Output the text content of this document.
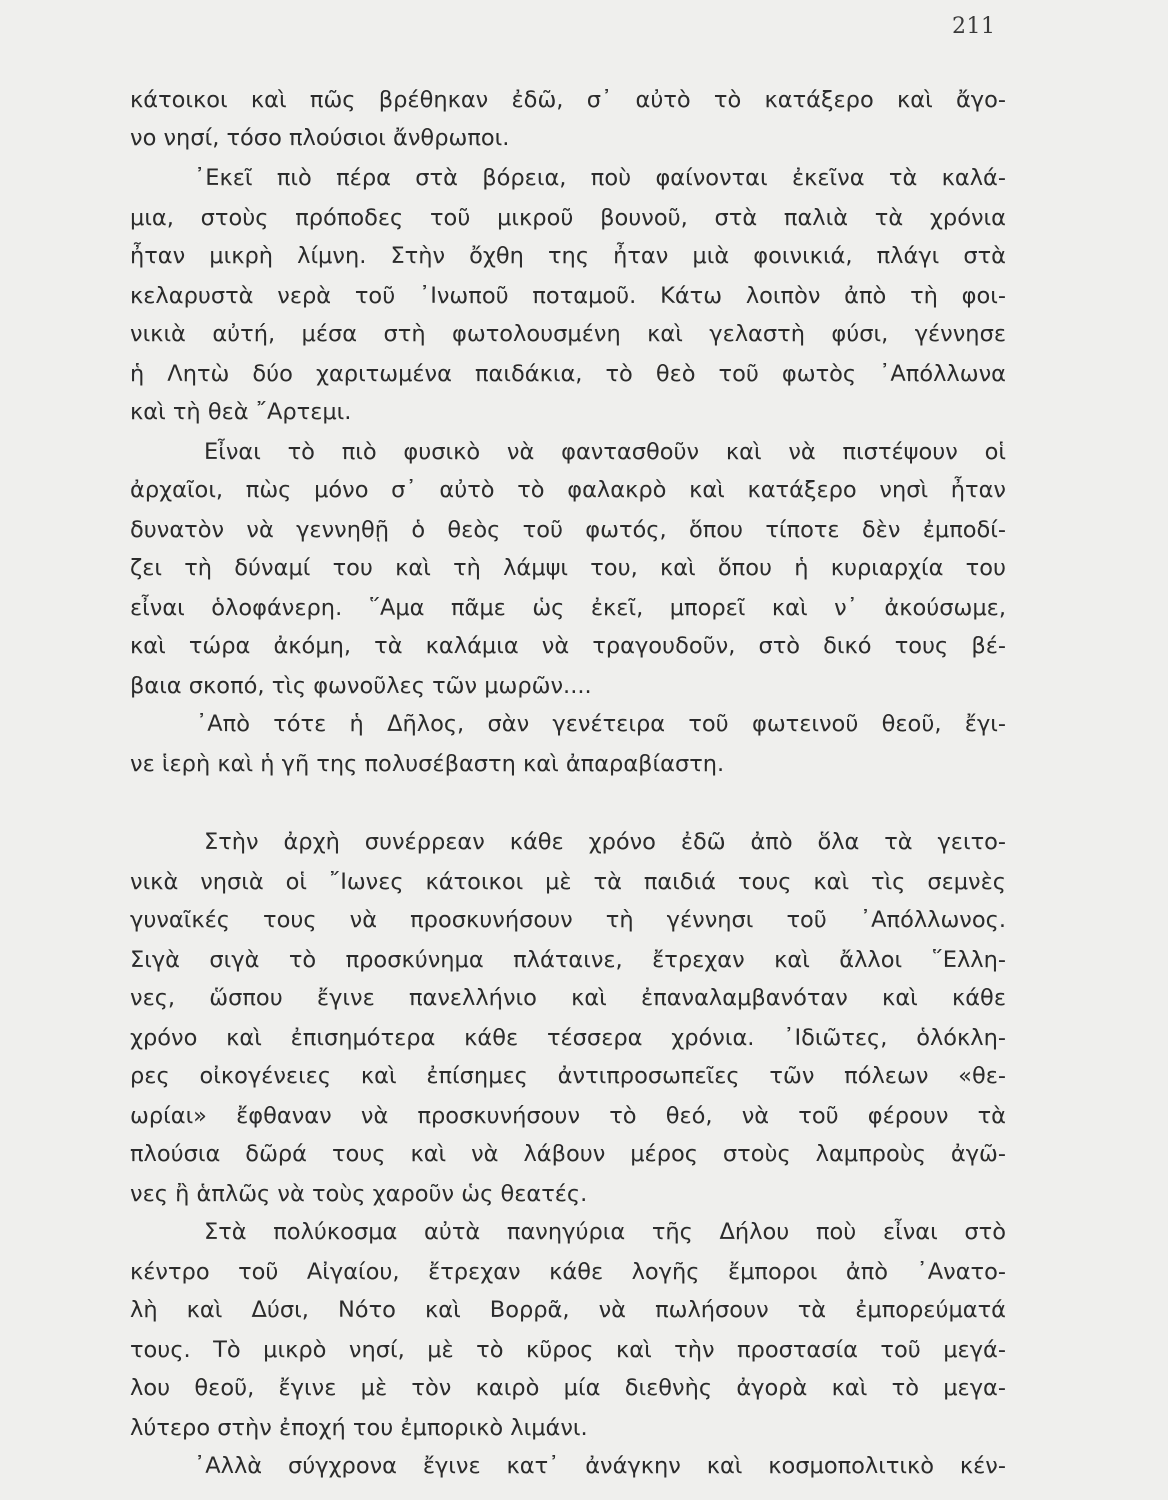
211
κάτοικοι καὶ πῶς βρέθηκαν ἐδῶ, σ᾽ αὐτὸ τὸ κατάξερο καὶ ἄγο-
νο νησί, τόσο πλούσιοι ἄνθρωποι.
᾽Εκεῖ πιὸ πέρα στὰ βόρεια, ποὺ φαίνονται ἐκεῖνα τὰ καλά-
μια, στοὺς πρόποδες τοῦ μικροῦ βουνοῦ, στὰ παλιὰ τὰ χρόνια
ἦταν μικρὴ λίμνη. Στὴν ὄχθη της ἦταν μιὰ φοινικιά, πλάγι στὰ
κελαρυστὰ νερὰ τοῦ ᾽Ινωποῦ ποταμοῦ. Κάτω λοιπὸν ἀπὸ τὴ φοι-
νικιὰ αὐτή, μέσα στὴ φωτολουσμένη καὶ γελαστὴ φύσι, γέννησε
ἡ Λητὼ δύο χαριτωμένα παιδάκια, τὸ θεὸ τοῦ φωτὸς ᾽Απόλλωνα
καὶ τὴ θεὰ ῎Αρτεμι.
Εἶναι τὸ πιὸ φυσικὸ νὰ φαντασθοῦν καὶ νὰ πιστέψουν οἱ
ἀρχαῖοι, πὼς μόνο σ᾽ αὐτὸ τὸ φαλακρὸ καὶ κατάξερο νησὶ ἦταν
δυνατὸν νὰ γεννηθῇ ὁ θεὸς τοῦ φωτός, ὅπου τίποτε δὲν ἐμποδί-
ζει τὴ δύναμί του καὶ τὴ λάμψι του, καὶ ὅπου ἡ κυριαρχία του
εἶναι ὁλοφάνερη. ῞Αμα πᾶμε ὡς ἐκεῖ, μπορεῖ καὶ ν᾽ ἀκούσωμε,
καὶ τώρα ἀκόμη, τὰ καλάμια νὰ τραγουδοῦν, στὸ δικό τους βέ-
βαια σκοπό, τὶς φωνοῦλες τῶν μωρῶν....
᾽Απὸ τότε ἡ Δῆλος, σὰν γενέτειρα τοῦ φωτεινοῦ θεοῦ, ἔγι-
νε ἱερὴ καὶ ἡ γῆ της πολυσέβαστη καὶ ἀπαραβίαστη.
Στὴν ἀρχὴ συνέρρεαν κάθε χρόνο ἐδῶ ἀπὸ ὅλα τὰ γειτο-
νικὰ νησιὰ οἱ ῎Ιωνες κάτοικοι μὲ τὰ παιδιά τους καὶ τὶς σεμνὲς
γυναῖκές τους νὰ προσκυνήσουν τὴ γέννησι τοῦ ᾽Απόλλωνος.
Σιγὰ σιγὰ τὸ προσκύνημα πλάταινε, ἔτρεχαν καὶ ἄλλοι ῞Ελλη-
νες, ὥσπου ἔγινε πανελλήνιο καὶ ἐπαναλαμβανόταν καὶ κάθε
χρόνο καὶ ἐπισημότερα κάθε τέσσερα χρόνια. ᾽Ιδιῶτες, ὁλόκλη-
ρες οἰκογένειες καὶ ἐπίσημες ἀντιπροσωπεῖες τῶν πόλεων «θε-
ωρίαι» ἔφθαναν νὰ προσκυνήσουν τὸ θεό, νὰ τοῦ φέρουν τὰ
πλούσια δῶρά τους καὶ νὰ λάβουν μέρος στοὺς λαμπροὺς ἀγῶ-
νες ἢ ἁπλῶς νὰ τοὺς χαροῦν ὡς θεατές.
Στὰ πολύκοσμα αὐτὰ πανηγύρια τῆς Δήλου ποὺ εἶναι στὸ
κέντρο τοῦ Αἰγαίου, ἔτρεχαν κάθε λογῆς ἔμποροι ἀπὸ ᾽Ανατο-
λὴ καὶ Δύσι, Νότο καὶ Βορρᾶ, νὰ πωλήσουν τὰ ἐμπορεύματά
τους. Τὸ μικρὸ νησί, μὲ τὸ κῦρος καὶ τὴν προστασία τοῦ μεγά-
λου θεοῦ, ἔγινε μὲ τὸν καιρὸ μία διεθνὴς ἀγορὰ καὶ τὸ μεγα-
λύτερο στὴν ἐποχή του ἐμπορικὸ λιμάνι.
᾽Αλλὰ σύγχρονα ἔγινε κατ᾽ ἀνάγκην καὶ κοσμοπολιτικὸ κέν-
